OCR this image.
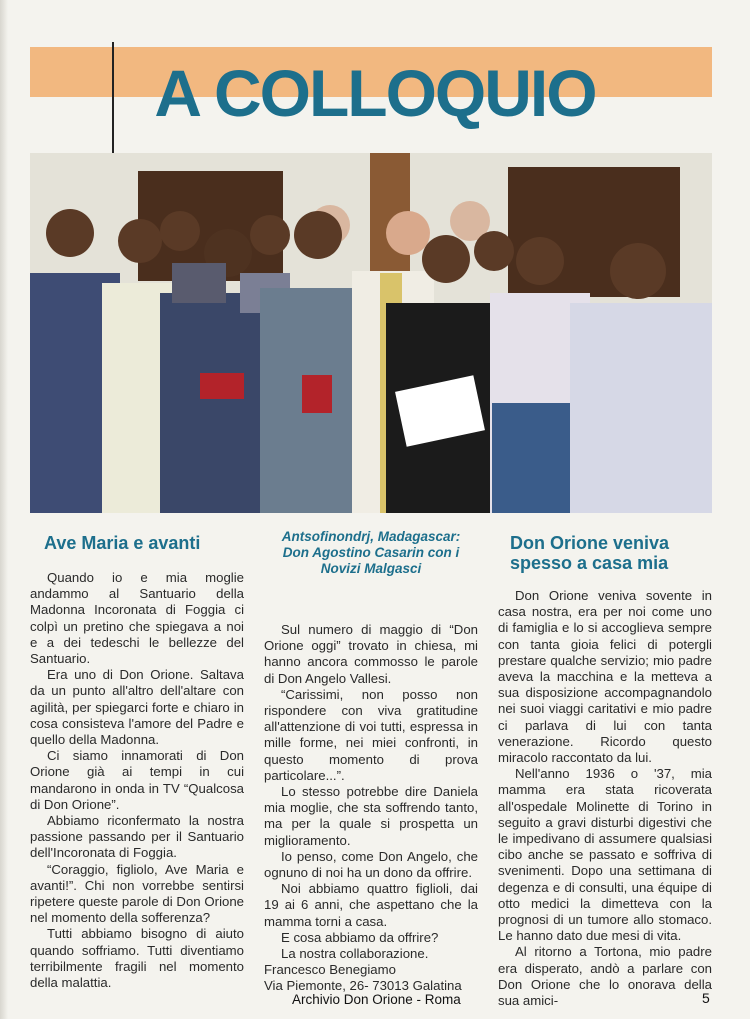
A COLLOQUIO
Ave Maria e avanti

Quando io e mia moglie andammo al Santuario della Madonna Incoronata di Foggia ci colpì un pretino che spiegava a noi e a dei tedeschi le bellezze del Santuario.

Era uno di Don Orione. Saltava da un punto all'altro dell'altare con agilità, per spiegarci forte e chiaro in cosa consisteva l'amore del Padre e quello della Madonna.

Ci siamo innamorati di Don Orione già ai tempi in cui mandarono in onda in TV “Qualcosa di Don Orione”.

Abbiamo riconfermato la nostra passione passando per il Santuario dell'Incoronata di Foggia.

“Coraggio, figliolo, Ave Maria e avanti!”. Chi non vorrebbe sentirsi ripetere queste parole di Don Orione nel momento della sofferenza?

Tutti abbiamo bisogno di aiuto quando soffriamo. Tutti diventiamo terribilmente fragili nel momento della malattia.

Antsofinondrj, Madagascar:
Don Agostino Casarin con i
Novizi Malgasci

Sul numero di maggio di “Don Orione oggi” trovato in chiesa, mi hanno ancora commosso le parole di Don Angelo Vallesi.

“Carissimi, non posso non rispondere con viva gratitudine all'attenzione di voi tutti, espressa in mille forme, nei miei confronti, in questo momento di prova particolare...”.

Lo stesso potrebbe dire Daniela mia moglie, che sta soffrendo tanto, ma per la quale si prospetta un miglioramento.

Io penso, come Don Angelo, che ognuno di noi ha un dono da offrire.

Noi abbiamo quattro figlioli, dai 19 ai 6 anni, che aspettano che la mamma torni a casa.

E cosa abbiamo da offrire?

La nostra collaborazione.

Francesco Benegiamo

Via Piemonte, 26- 73013 Galatina

Don Orione veniva spesso a casa mia

Don Orione veniva sovente in casa nostra, era per noi come uno di famiglia e lo si accoglieva sempre con tanta gioia felici di potergli prestare qualche servizio; mio padre aveva la macchina e la metteva a sua disposizione accompagnandolo nei suoi viaggi caritativi e mio padre ci parlava di lui con tanta venerazione. Ricordo questo miracolo raccontato da lui.

Nell'anno 1936 o '37, mia mamma era stata ricoverata all'ospedale Molinette di Torino in seguito a gravi disturbi digestivi che le impedivano di assumere qualsiasi cibo anche se passato e soffriva di svenimenti. Dopo una settimana di degenza e di consulti, una équipe di otto medici la dimetteva con la prognosi di un tumore allo stomaco. Le hanno dato due mesi di vita.

Al ritorno a Tortona, mio padre era disperato, andò a parlare con Don Orione che lo onorava della sua amici-

Archivio Don Orione - Roma	5
